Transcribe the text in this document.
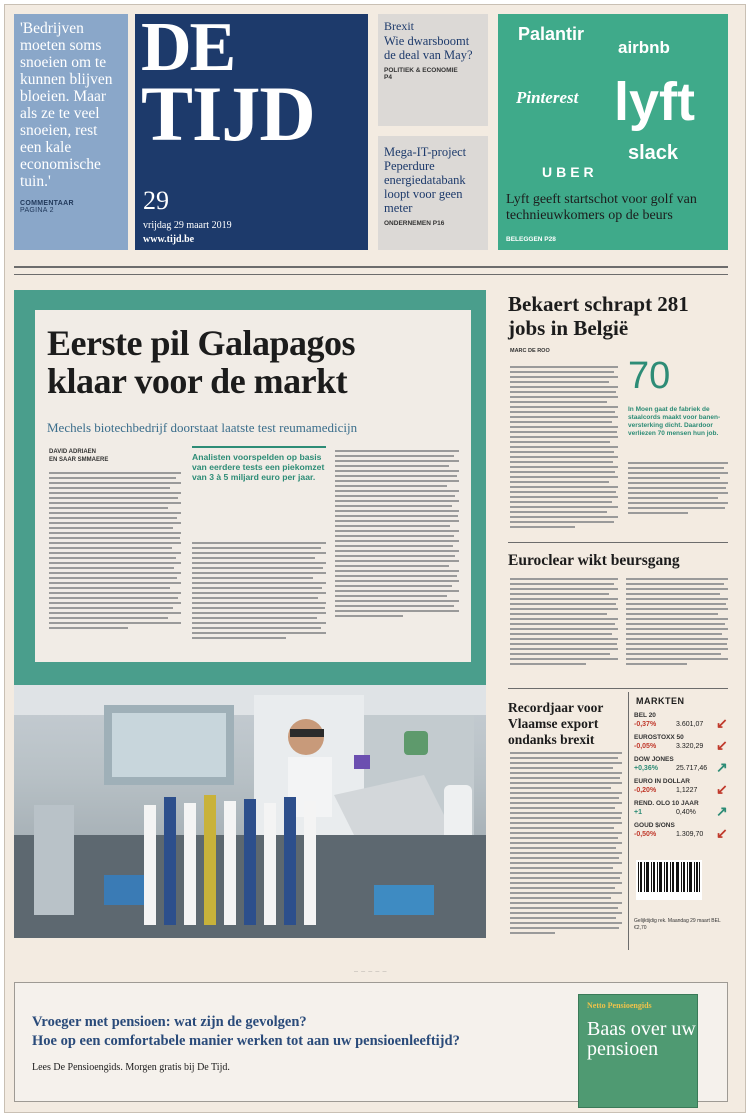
'Bedrijven moeten soms snoeien om te kunnen blijven bloeien. Maar als ze te veel snoeien, rest een kale economische tuin.'
COMMENTAAR
PAGINA 2
DE
TIJD
29
vrijdag 29 maart 2019
www.tijd.be
Brexit
Wie dwarsboomt de deal van May?
POLITIEK & ECONOMIE
P4
Mega-IT-project Peperdure energiedatabank loopt voor geen meter
ONDERNEMEN P16
Palantir
airbnb
Pinterest lyft
slack
UBER
Lyft geeft startschot voor golf van technieuwkomers op de beurs
BELEGGEN P28
Eerste pil Galapagos
klaar voor de markt
Mechels biotechbedrijf doorstaat laatste test reumamedicijn
DAVID ADRIAEN
EN SAAR SMMAERE	Analisten voorspelden op basis van eerdere tests een piekomzet van 3 à 5 miljard euro per jaar.
Bekaert schrapt 281 jobs in België
MARC DE ROO
70
In Moen gaat de fabriek de staalcords maakt voor banenversterking dicht. Daardoor verliezen 70 mensen hun job.
Euroclear wikt beursgang
Recordjaar voor Vlaamse export ondanks brexit
MARKTEN
BEL 20
-0,37%	3.601,07 ↙
EUROSTOXX 50
-0,05%	3.320,29 ↙
DOW JONES
+0,36%	25.717,46 ↗
EURO IN DOLLAR
-0,20%	1,1227 ↙
REND. OLO 10 JAAR
+1	0,40% ↗
GOUD $/ONS
-0,50%	1.309,70 ↙
Gelijktijdig rek. Maandag 29 maart BEL €2,70
— — — — —
Vroeger met pensioen: wat zijn de gevolgen?
Hoe op een comfortabele manier werken tot aan uw pensioenleeftijd?
Lees De Pensioengids. Morgen gratis bij De Tijd.
Netto Pensioengids
Baas over uw pensioen
